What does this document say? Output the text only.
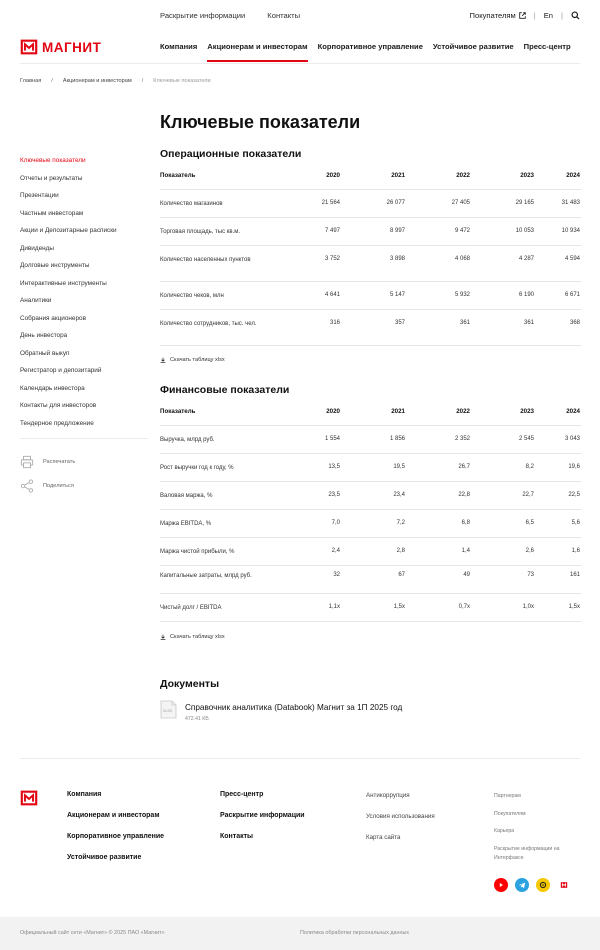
Раскрытие информации	Контакты	Покупателям	| En |
МАГНИТ	Компания Акционерам и инвесторам Корпоративное управление Устойчивое развитие Пресс-центр
Главная / Акционерам и инвесторам / Ключевые показатели
Ключевые показатели
Ключевые показатели
Отчеты и результаты
Презентации
Частным инвесторам
Акции и Депозитарные расписки
Дивиденды
Долговые инструменты
Интерактивные инструменты
Аналитики
Собрания акционеров
День инвестора
Обратный выкуп
Регистратор и депозитарий
Календарь инвестора
Контакты для инвесторов
Тендерное предложение
Распечатать
Поделиться
Операционные показатели
Показатель	2020	2021	2022	2023	2024
Количество магазинов	21 564	26 077	27 405	29 165	31 483
Торговая площадь, тыс кв.м.	7 497	8 997	9 472	10 053	10 934
Количество населенных пунктов	3 752	3 898	4 068	4 287	4 594
Количество чеков, млн	4 641	5 147	5 932	6 190	6 671
Количество сотрудников, тыс. чел.	316	357	361	361	368
Скачать таблицу xlsx
Финансовые показатели
Показатель	2020	2021	2022	2023	2024
Выручка, млрд руб.	1 554	1 856	2 352	2 545	3 043
Рост выручки год к году, %	13,5	19,5	26,7	8,2	19,6
Валовая маржа, %	23,5	23,4	22,8	22,7	22,5
Маржа EBITDA, %	7,0	7,2	6,8	6,5	5,6
Маржа чистой прибыли, %	2,4	2,8	1,4	2,6	1,6
Капитальные затраты, млрд руб.	32	67	49	73	161
Чистый долг / EBITDA	1,1x	1,5x	0,7x	1,0x	1,5x
Скачать таблицу xlsx
Документы
XLSX Справочник аналитика (Databook) Магнит за 1П 2025 год
472.41 КБ
Компания
Акционерам и инвесторам
Корпоративное управление
Устойчивое развитие
Пресс-центр
Раскрытие информации
Контакты
Антикоррупция
Условия использования
Карта сайта
Партнерам
Покупателям
Карьера
Раскрытие информации на Интерфаксе
Официальный сайт сети «Магнит» © 2025 ПАО «Магнит»	Политика обработки персональных данных
